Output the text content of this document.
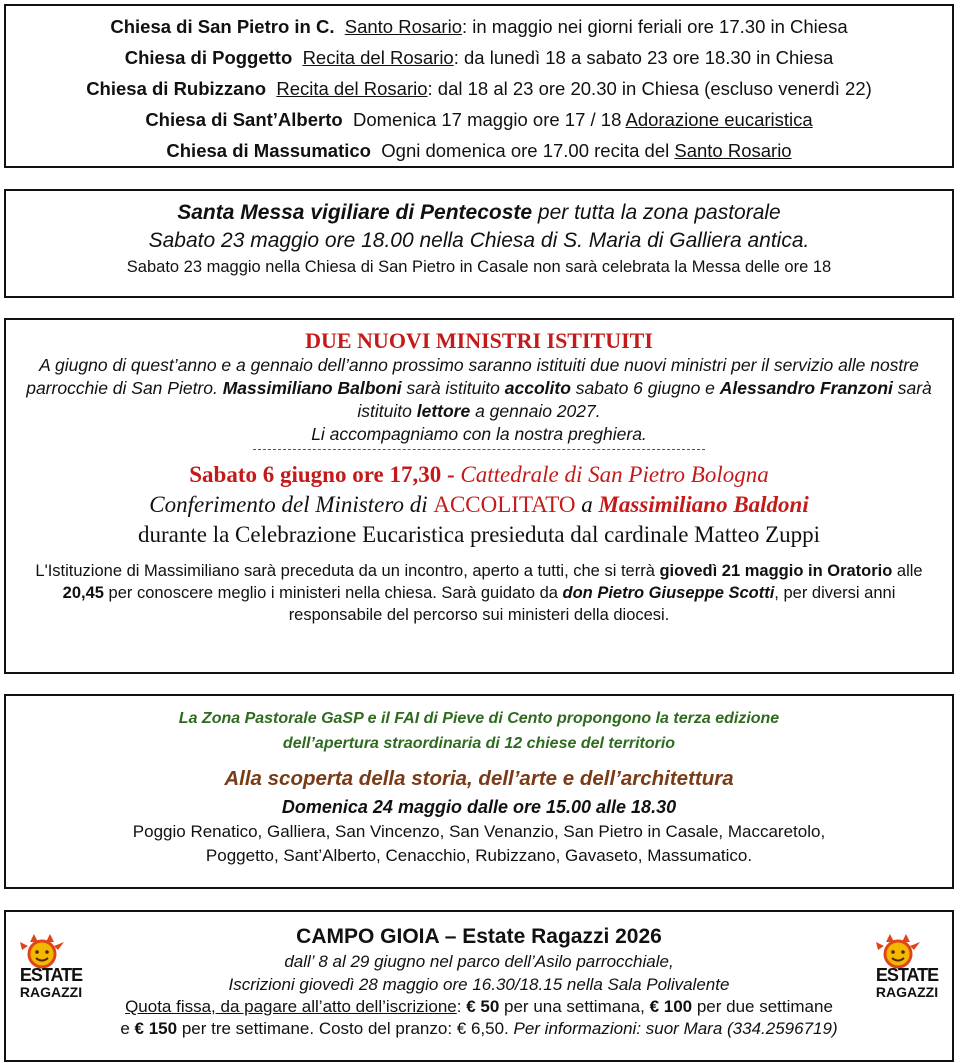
Chiesa di San Pietro in C. Santo Rosario: in maggio nei giorni feriali ore 17.30 in Chiesa
Chiesa di Poggetto Recita del Rosario: da lunedì 18 a sabato 23 ore 18.30 in Chiesa
Chiesa di Rubizzano Recita del Rosario: dal 18 al 23 ore 20.30 in Chiesa (escluso venerdì 22)
Chiesa di Sant’Alberto Domenica 17 maggio ore 17 / 18 Adorazione eucaristica
Chiesa di Massumatico Ogni domenica ore 17.00 recita del Santo Rosario
Santa Messa vigiliare di Pentecoste per tutta la zona pastorale
Sabato 23 maggio ore 18.00 nella Chiesa di S. Maria di Galliera antica.
Sabato 23 maggio nella Chiesa di San Pietro in Casale non sarà celebrata la Messa delle ore 18
DUE NUOVI MINISTRI ISTITUITI
A giugno di quest’anno e a gennaio dell’anno prossimo saranno istituiti due nuovi ministri per il servizio alle nostre parrocchie di San Pietro. Massimiliano Balboni sarà istituito accolito sabato 6 giugno e Alessandro Franzoni sarà istituito lettore a gennaio 2027.
Li accompagniamo con la nostra preghiera.
Sabato 6 giugno ore 17,30 - Cattedrale di San Pietro Bologna
Conferimento del Ministero di ACCOLITATO a Massimiliano Baldoni
durante la Celebrazione Eucaristica presieduta dal cardinale Matteo Zuppi
L'Istituzione di Massimiliano sarà preceduta da un incontro, aperto a tutti, che si terrà giovedì 21 maggio in Oratorio alle 20,45 per conoscere meglio i ministeri nella chiesa. Sarà guidato da don Pietro Giuseppe Scotti, per diversi anni responsabile del percorso sui ministeri della diocesi.
La Zona Pastorale GaSP e il FAI di Pieve di Cento propongono la terza edizione
dell’apertura straordinaria di 12 chiese del territorio
Alla scoperta della storia, dell’arte e dell’architettura
Domenica 24 maggio dalle ore 15.00 alle 18.30
Poggio Renatico, Galliera, San Vincenzo, San Venanzio, San Pietro in Casale, Maccaretolo,
Poggetto, Sant’Alberto, Cenacchio, Rubizzano, Gavaseto, Massumatico.
ESTATE
RAGAZZI
ESTATE
RAGAZZI
CAMPO GIOIA – Estate Ragazzi 2026
dall’ 8 al 29 giugno nel parco dell’Asilo parrocchiale,
Iscrizioni giovedì 28 maggio ore 16.30/18.15 nella Sala Polivalente
Quota fissa, da pagare all’atto dell’iscrizione: € 50 per una settimana, € 100 per due settimane
e € 150 per tre settimane. Costo del pranzo: € 6,50. Per informazioni: suor Mara (334.2596719)
